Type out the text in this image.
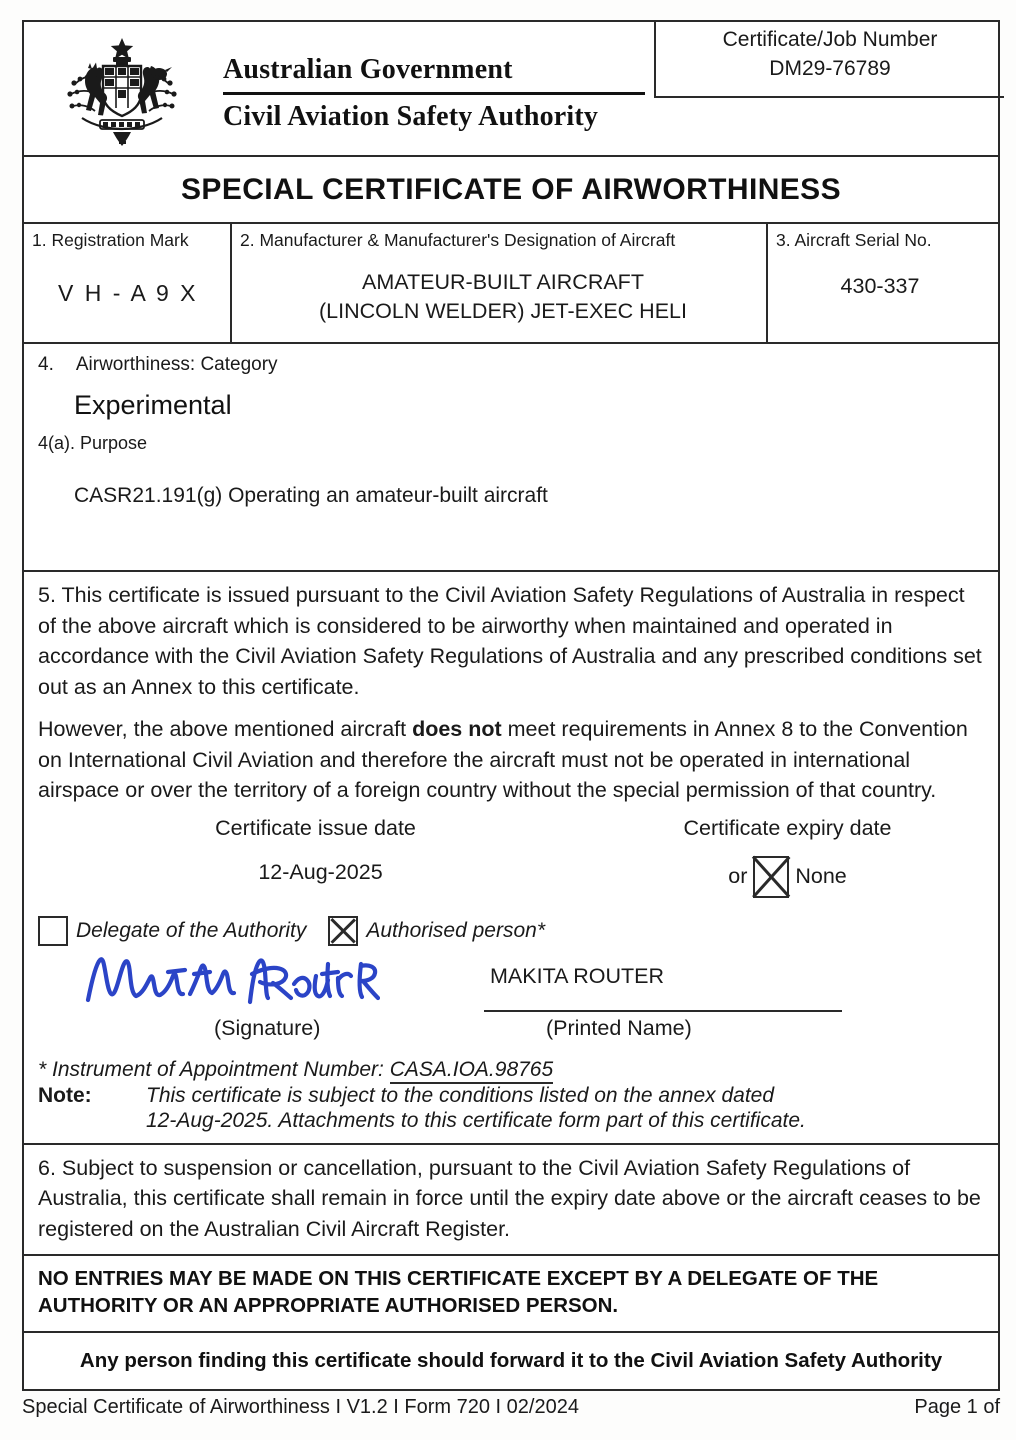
Australian Government
Civil Aviation Safety Authority
Certificate/Job Number
DM29-76789
SPECIAL CERTIFICATE OF AIRWORTHINESS
1. Registration Mark
V H - A 9 X
2. Manufacturer & Manufacturer's Designation of Aircraft
AMATEUR-BUILT AIRCRAFT
(LINCOLN WELDER) JET-EXEC HELI
3. Aircraft Serial No.
430-337
4. Airworthiness: Category
Experimental
4(a). Purpose
CASR21.191(g) Operating an amateur-built aircraft

5. This certificate is issued pursuant to the Civil Aviation Safety Regulations of Australia in respect of the above aircraft which is considered to be airworthy when maintained and operated in accordance with the Civil Aviation Safety Regulations of Australia and any prescribed conditions set out as an Annex to this certificate.

However, the above mentioned aircraft does not meet requirements in Annex 8 to the Convention on International Civil Aviation and therefore the aircraft must not be operated in international airspace or over the territory of a foreign country without the special permission of that country.

Certificate issue date
12-Aug-2025
Certificate expiry date
or None
Delegate of the Authority	Authorised person*
MAKITA ROUTER
(Signature)	(Printed Name)
* Instrument of Appointment Number: CASA.IOA.98765
Note:	This certificate is subject to the conditions listed on the annex dated
12-Aug-2025. Attachments to this certificate form part of this certificate.

6. Subject to suspension or cancellation, pursuant to the Civil Aviation Safety Regulations of Australia, this certificate shall remain in force until the expiry date above or the aircraft ceases to be registered on the Australian Civil Aircraft Register.

NO ENTRIES MAY BE MADE ON THIS CERTIFICATE EXCEPT BY A DELEGATE OF THE
AUTHORITY OR AN APPROPRIATE AUTHORISED PERSON.
Any person finding this certificate should forward it to the Civil Aviation Safety Authority
Special Certificate of Airworthiness I V1.2 I Form 720 I 02/2024	Page 1 of
